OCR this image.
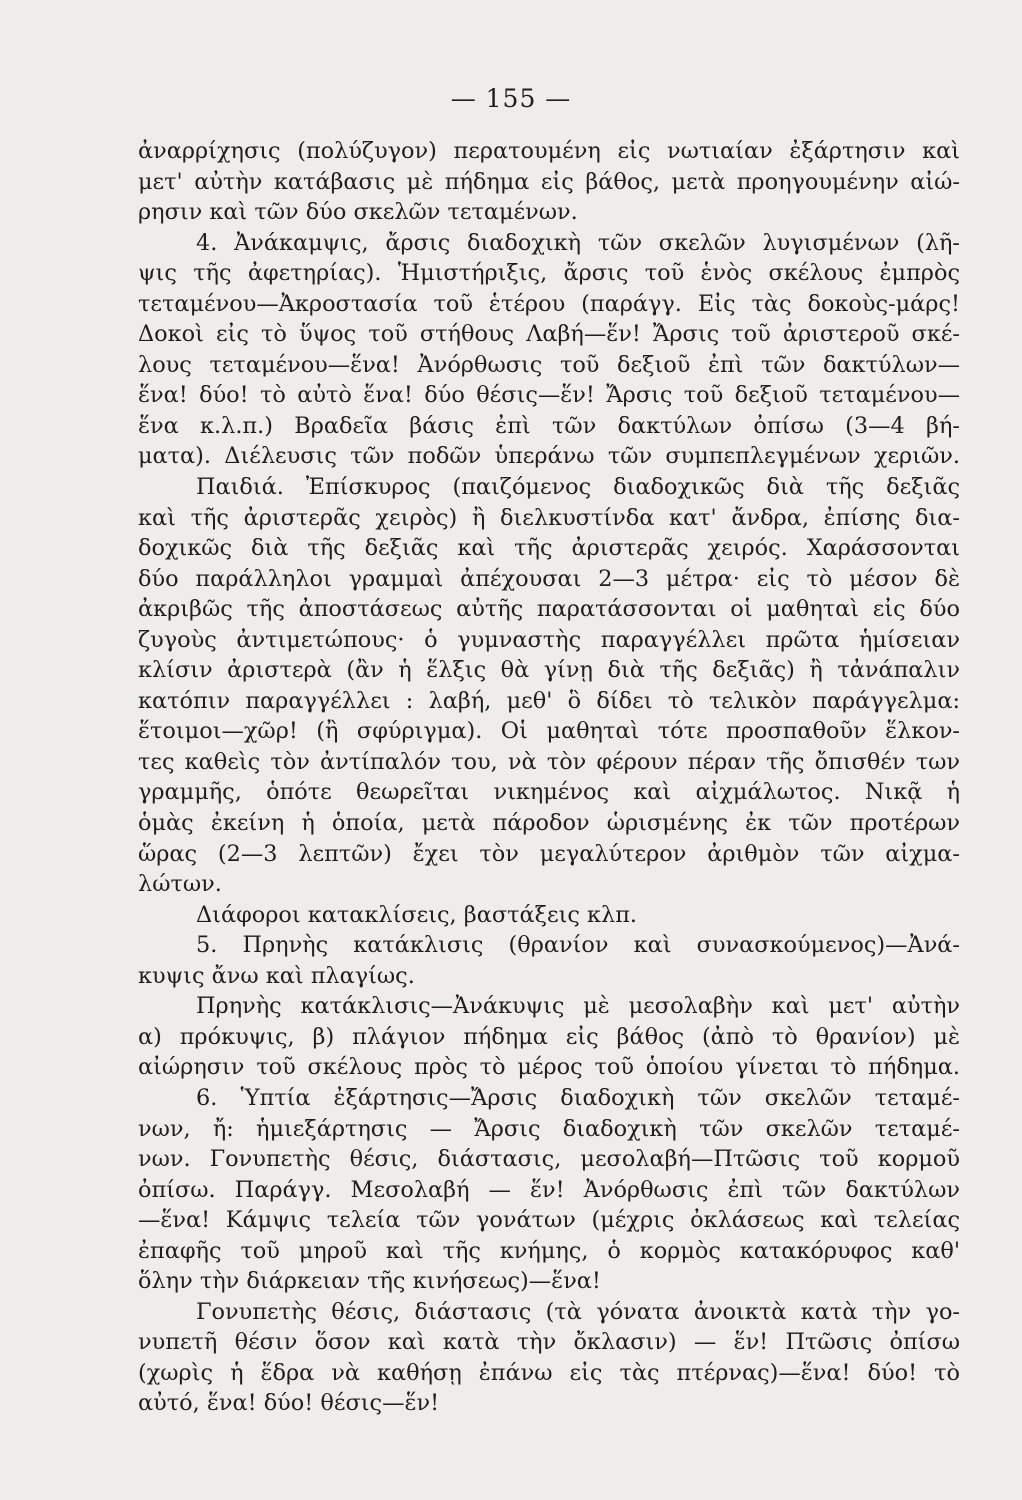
— 155 —
ἀναρρίχησις (πολύζυγον) περατουμένη εἰς νωτιαίαν ἐξάρτησιν καὶ
μετ' αὐτὴν κατάβασις μὲ πήδημα εἰς βάθος, μετὰ προηγουμένην αἰώ-
ρησιν καὶ τῶν δύο σκελῶν τεταμένων.
4. Ἀνάκαμψις, ἄρσις διαδοχικὴ τῶν σκελῶν λυγισμένων (λῆ-
ψις τῆς ἀφετηρίας). Ἡμιστήριξις, ἄρσις τοῦ ἑνὸς σκέλους ἐμπρὸς
τεταμένου—Ἀκροστασία τοῦ ἑτέρου (παράγγ. Εἰς τὰς δοκοὺς-μάρς!
Δοκοὶ εἰς τὸ ὕψος τοῦ στήθους Λαβή—ἕν! Ἄρσις τοῦ ἀριστεροῦ σκέ-
λους τεταμένου—ἕνα! Ἀνόρθωσις τοῦ δεξιοῦ ἐπὶ τῶν δακτύλων—
ἕνα! δύο! τὸ αὐτὸ ἕνα! δύο θέσις—ἕν! Ἄρσις τοῦ δεξιοῦ τεταμένου—
ἕνα κ.λ.π.) Βραδεῖα βάσις ἐπὶ τῶν δακτύλων ὀπίσω (3—4 βή-
ματα). Διέλευσις τῶν ποδῶν ὑπεράνω τῶν συμπεπλεγμένων χεριῶν.
Παιδιά. Ἐπίσκυρος (παιζόμενος διαδοχικῶς διὰ τῆς δεξιᾶς
καὶ τῆς ἀριστερᾶς χειρὸς) ἢ διελκυστίνδα κατ' ἄνδρα, ἐπίσης δια-
δοχικῶς διὰ τῆς δεξιᾶς καὶ τῆς ἀριστερᾶς χειρός. Χαράσσονται
δύο παράλληλοι γραμμαὶ ἀπέχουσαι 2—3 μέτρα· εἰς τὸ μέσον δὲ
ἀκριβῶς τῆς ἀποστάσεως αὐτῆς παρατάσσονται οἱ μαθηταὶ εἰς δύο
ζυγοὺς ἀντιμετώπους· ὁ γυμναστὴς παραγγέλλει πρῶτα ἡμίσειαν
κλίσιν ἀριστερὰ (ἂν ἡ ἕλξις θὰ γίνῃ διὰ τῆς δεξιᾶς) ἢ τἀνάπαλιν
κατόπιν παραγγέλλει : λαβή, μεθ' ὃ δίδει τὸ τελικὸν παράγγελμα:
ἕτοιμοι—χῶρ! (ἢ σφύριγμα). Οἱ μαθηταὶ τότε προσπαθοῦν ἕλκον-
τες καθεὶς τὸν ἀντίπαλόν του, νὰ τὸν φέρουν πέραν τῆς ὄπισθέν των
γραμμῆς, ὁπότε θεωρεῖται νικημένος καὶ αἰχμάλωτος. Νικᾷ ἡ
ὁμὰς ἐκείνη ἡ ὁποία, μετὰ πάροδον ὡρισμένης ἐκ τῶν προτέρων
ὥρας (2—3 λεπτῶν) ἔχει τὸν μεγαλύτερον ἀριθμὸν τῶν αἰχμα-
λώτων.
Διάφοροι κατακλίσεις, βαστάξεις κλπ.
5. Πρηνὴς κατάκλισις (θρανίον καὶ συνασκούμενος)—Ἀνά-
κυψις ἄνω καὶ πλαγίως.
Πρηνὴς κατάκλισις—Ἀνάκυψις μὲ μεσολαβὴν καὶ μετ' αὐτὴν
α) πρόκυψις, β) πλάγιον πήδημα εἰς βάθος (ἀπὸ τὸ θρανίον) μὲ
αἰώρησιν τοῦ σκέλους πρὸς τὸ μέρος τοῦ ὁποίου γίνεται τὸ πήδημα.
6. Ὑπτία ἐξάρτησις—Ἄρσις διαδοχικὴ τῶν σκελῶν τεταμέ-
νων, ἤ: ἡμιεξάρτησις — Ἄρσις διαδοχικὴ τῶν σκελῶν τεταμέ-
νων. Γονυπετὴς θέσις, διάστασις, μεσολαβή—Πτῶσις τοῦ κορμοῦ
ὀπίσω. Παράγγ. Μεσολαβή — ἕν! Ἀνόρθωσις ἐπὶ τῶν δακτύλων
—ἕνα! Κάμψις τελεία τῶν γονάτων (μέχρις ὀκλάσεως καὶ τελείας
ἐπαφῆς τοῦ μηροῦ καὶ τῆς κνήμης, ὁ κορμὸς κατακόρυφος καθ'
ὅλην τὴν διάρκειαν τῆς κινήσεως)—ἕνα!
Γονυπετὴς θέσις, διάστασις (τὰ γόνατα ἀνοικτὰ κατὰ τὴν γο-
νυπετῆ θέσιν ὅσον καὶ κατὰ τὴν ὄκλασιν) — ἕν! Πτῶσις ὀπίσω
(χωρὶς ἡ ἕδρα νὰ καθήσῃ ἐπάνω εἰς τὰς πτέρνας)—ἕνα! δύο! τὸ
αὐτό, ἕνα! δύο! θέσις—ἕν!
